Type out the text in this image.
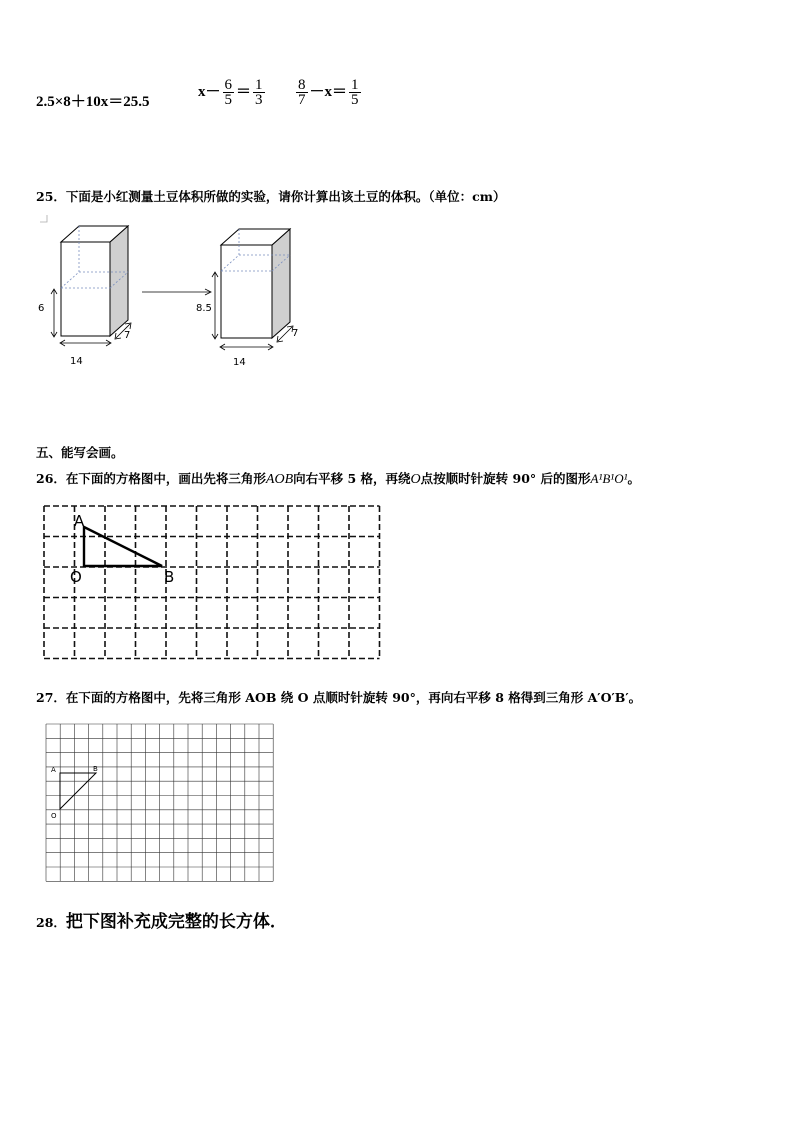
2.5×8＋10x＝25.5
$x- \frac{6}{5} = \frac{1}{3} \frac{8}{7} -x= \frac{1}{5}$
25．下面是小红测量土豆体积所做的实验，请你计算出该土豆的体积。（单位：cm）
6
14
7
8.5
14
7
五、能写会画。
26．在下面的方格图中，画出先将三角形AOB向右平移 5 格，再绕O点按顺时针旋转 90° 后的图形A¹B¹O¹。
A
O	B
27．在下面的方格图中，先将三角形 AOB 绕 O 点顺时针旋转 90°，再向右平移 8 格得到三角形 A′O′B′。
A
O
B
28．把下图补充成完整的长方体．
